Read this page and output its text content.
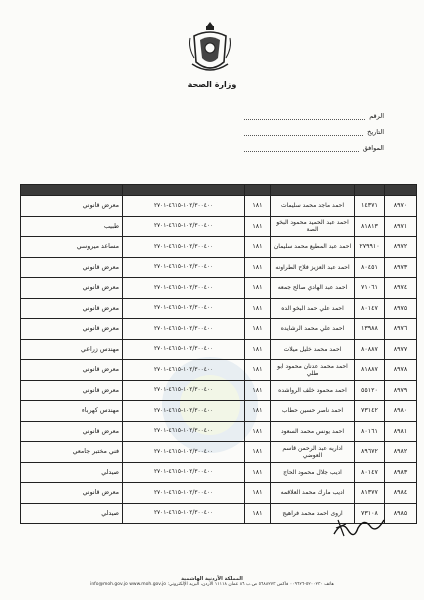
وزارة الصحة
الرقم
التاريخ
الموافق

٨٩٧٠	١٤٣٧١	احمد ماجد محمد سليمات	١٨١	١٠٢/٣٠٠٤٠٠-٤٦١٥-٢٧٠١	معرض قانوني
٨٩٧١	٨١٨١٣	احمد عبد الحميد محمود البخو الصة	١٨١	١٠٢/٣٠٠٤٠٠-٤٦١٥-٢٧٠١	طبيب
٨٩٧٢	٢٧٩٩١٠	احمد عبد المطيع محمد سليمان	١٨١	١٠٢/٣٠٠٤٠٠-٤٦١٥-٢٧٠١	مساعد ميروسي
٨٩٧٣	٨٠٤٥١	احمد عبد العزيز فلاح الطراونه	١٨١	١٠٢/٣٠٠٤٠٠-٤٦١٥-٢٧٠١	معرض قانوني
٨٩٧٤	٧١٠٦١	احمد عبد الهادي صالح جمعه	١٨١	١٠٢/٣٠٠٤٠٠-٤٦١٥-٢٧٠١	معرض قانوني
٨٩٧٥	٨٠١٤٧	احمد علي حمد البخو الده	١٨١	١٠٢/٣٠٠٤٠٠-٤٦١٥-٢٧٠١	معرض قانوني
٨٩٧٦	١٣٩٨٨	احمد علي محمد الرشايده	١٨١	١٠٢/٣٠٠٤٠٠-٤٦١٥-٢٧٠١	معرض قانوني
٨٩٧٧	٨٠٨٨٧	احمد محمد خليل ميلات	١٨١	١٠٢/٣٠٠٤٠٠-٤٦١٥-٢٧٠١	مهندس زراعي
٨٩٧٨	٨١٨٨٧	احمد محمد عدنان محمود ابو طلي	١٨١	١٠٢/٣٠٠٤٠٠-٤٦١٥-٢٧٠١	معرض قانوني
٨٩٧٩	٥٥١٢٠	احمد محمود خلف الرواشده	١٨١	١٠٢/٣٠٠٤٠٠-٤٦١٥-٢٧٠١	معرض قانوني
٨٩٨٠	٧٣١٤٢	احمد ناصر حسين حطاب	١٨١	١٠٢/٣٠٠٤٠٠-٤٦١٥-٢٧٠١	مهندس كهرباء
٨٩٨١	٨٠١٦١	احمد يونس محمد السعود	١٨١	١٠٢/٣٠٠٤٠٠-٤٦١٥-٢٧٠١	معرض قانوني
٨٩٨٢	٨٩٦٧٢	اداريه عبد الرحمن قاسم العوضي	١٨١	١٠٢/٣٠٠٤٠٠-٤٦١٥-٢٧٠١	فني مختبر جامعي
٨٩٨٣	٨٠١٤٧	اديب جلال محمود الحاج	١٨١	١٠٢/٣٠٠٤٠٠-٤٦١٥-٢٧٠١	صيدلي
٨٩٨٤	٨١٣٧٧	اديب مارك محمد العلاقمه	١٨١	١٠٢/٣٠٠٤٠٠-٤٦١٥-٢٧٠١	معرض قانوني
٨٩٨٥	٧٣١٠٨	اروى احمد محمد فراهيج	١٨١	١٠٢/٣٠٠٤٠٠-٤٦١٥-٢٧٠١	صيدلي
المملكة الأردنية الهاشمية
هاتف ٥٢٠٠٢٣٠-٠٠٩٦٢٦ فاكس ٥٦٨٨٢٧٣ ص.ب ٨٦ عمان ١١١١٨ الأردن، البريد الإلكتروني: info@moh.gov.jo www.moh.gov.jo
